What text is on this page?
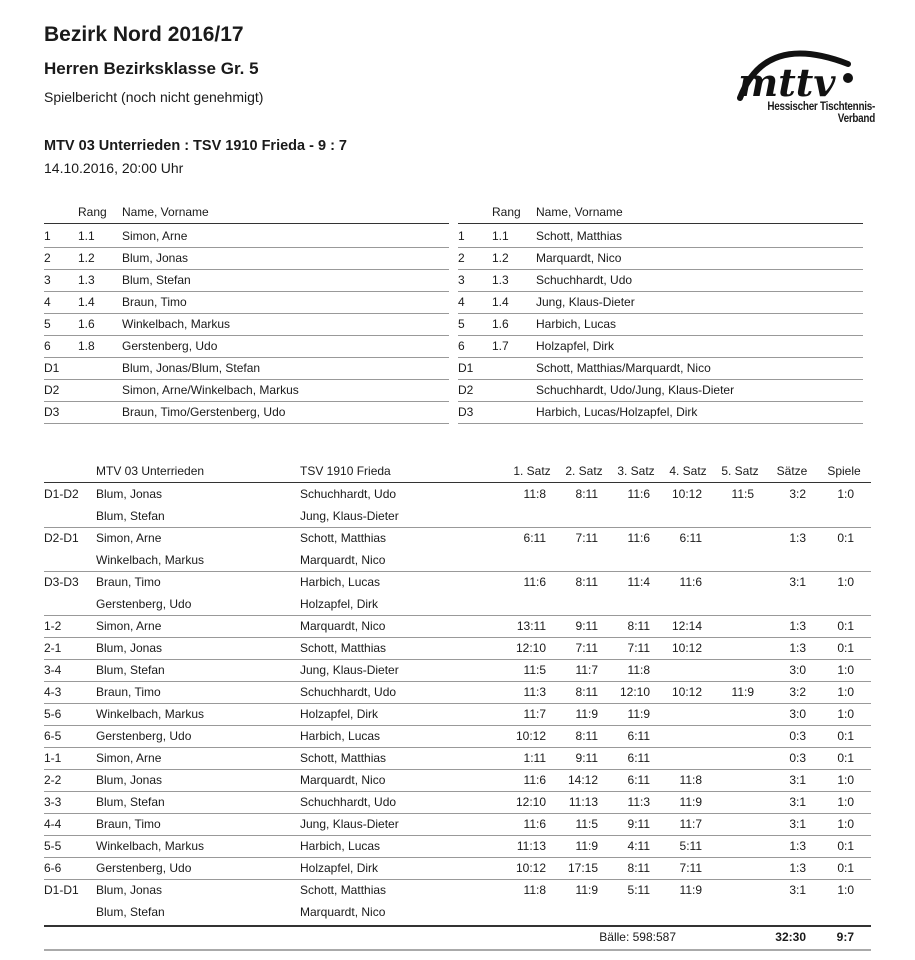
Bezirk Nord 2016/17
Herren Bezirksklasse Gr. 5
Spielbericht (noch nicht genehmigt)
MTV 03 Unterrieden : TSV 1910 Frieda - 9 : 7
14.10.2016, 20:00 Uhr
mttv
Hessischer Tischtennis-Verband
Rang Name, Vorname
1 1.1 Simon, Arne
2 1.2 Blum, Jonas
3 1.3 Blum, Stefan
4 1.4 Braun, Timo
5 1.6 Winkelbach, Markus
6 1.8 Gerstenberg, Udo
D1	Blum, Jonas/Blum, Stefan
D2	Simon, Arne/Winkelbach, Markus
D3	Braun, Timo/Gerstenberg, Udo
Rang Name, Vorname
1 1.1 Schott, Matthias
2 1.2 Marquardt, Nico
3 1.3 Schuchhardt, Udo
4 1.4 Jung, Klaus-Dieter
5 1.6 Harbich, Lucas
6 1.7 Holzapfel, Dirk
D1	Schott, Matthias/Marquardt, Nico
D2	Schuchhardt, Udo/Jung, Klaus-Dieter
D3	Harbich, Lucas/Holzapfel, Dirk
MTV 03 Unterrieden	TSV 1910 Frieda	1. Satz	2. Satz	3. Satz	4. Satz	5. Satz	Sätze	Spiele
D1-D2 Blum, Jonas	Schuchhardt, Udo	11:8	8:11	11:6	10:12	11:5	3:2	1:0
Blum, Stefan	Jung, Klaus-Dieter
D2-D1 Simon, Arne	Schott, Matthias	6:11	7:11	11:6	6:11	1:3	0:1
Winkelbach, Markus	Marquardt, Nico
D3-D3 Braun, Timo	Harbich, Lucas	11:6	8:11	11:4	11:6	3:1	1:0
Gerstenberg, Udo	Holzapfel, Dirk
1-2	Simon, Arne	Marquardt, Nico	13:11	9:11	8:11	12:14	1:3	0:1
2-1	Blum, Jonas	Schott, Matthias	12:10	7:11	7:11	10:12	1:3	0:1
3-4	Blum, Stefan	Jung, Klaus-Dieter	11:5	11:7	11:8	3:0	1:0
4-3	Braun, Timo	Schuchhardt, Udo	11:3	8:11	12:10	10:12	11:9	3:2	1:0
5-6	Winkelbach, Markus	Holzapfel, Dirk	11:7	11:9	11:9	3:0	1:0
6-5	Gerstenberg, Udo	Harbich, Lucas	10:12	8:11	6:11	0:3	0:1
1-1	Simon, Arne	Schott, Matthias	1:11	9:11	6:11	0:3	0:1
2-2	Blum, Jonas	Marquardt, Nico	11:6	14:12	6:11	11:8	3:1	1:0
3-3	Blum, Stefan	Schuchhardt, Udo	12:10	11:13	11:3	11:9	3:1	1:0
4-4	Braun, Timo	Jung, Klaus-Dieter	11:6	11:5	9:11	11:7	3:1	1:0
5-5	Winkelbach, Markus	Harbich, Lucas	11:13	11:9	4:11	5:11	1:3	0:1
6-6	Gerstenberg, Udo	Holzapfel, Dirk	10:12	17:15	8:11	7:11	1:3	0:1
D1-D1 Blum, Jonas	Schott, Matthias	11:8	11:9	5:11	11:9	3:1	1:0
Blum, Stefan	Marquardt, Nico
Bälle: 598:587	32:30	9:7
